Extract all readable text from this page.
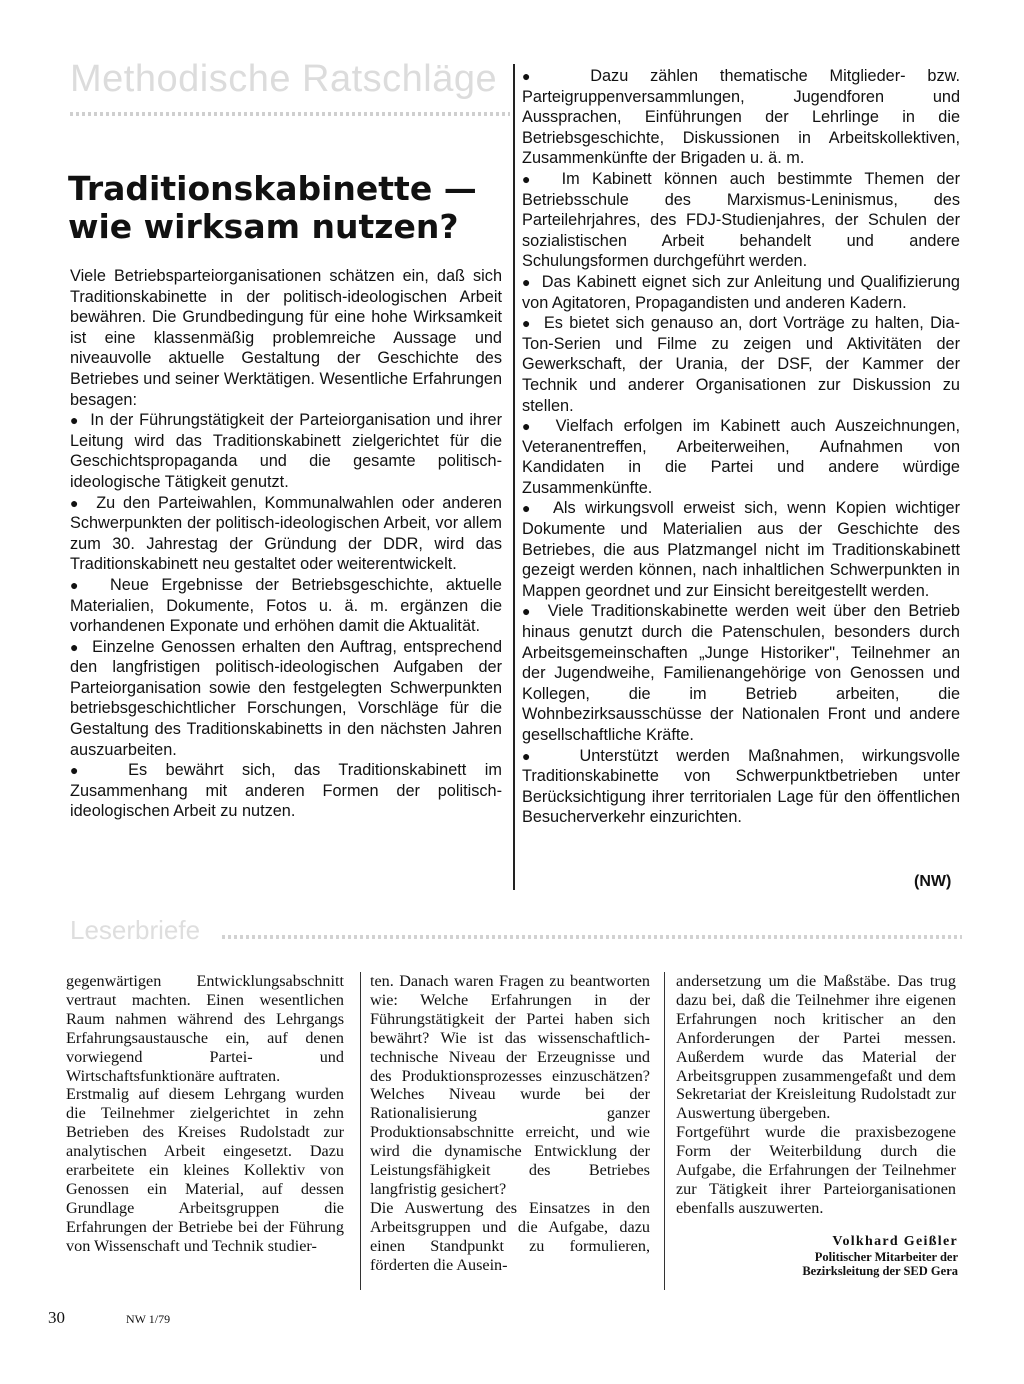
Methodische Ratschläge
Traditionskabinette —
wie wirksam nutzen?

Viele Betriebsparteiorganisationen schätzen ein, daß sich Traditionskabinette in der politisch-ideologischen Arbeit bewähren. Die Grundbedingung für eine hohe Wirksamkeit ist eine klassenmäßig problemreiche Aussage und niveauvolle aktuelle Gestaltung der Geschichte des Betriebes und seiner Werktätigen. Wesentliche Erfahrungen besagen:

●  In der Führungstätigkeit der Parteiorganisation und ihrer Leitung wird das Traditionskabinett zielgerichtet für die Geschichtspropaganda und die gesamte politisch-ideologische Tätigkeit genutzt.

●  Zu den Parteiwahlen, Kommunalwahlen oder anderen Schwerpunkten der politisch-ideologischen Arbeit, vor allem zum 30. Jahrestag der Gründung der DDR, wird das Traditionskabinett neu gestaltet oder weiterentwickelt.

●  Neue Ergebnisse der Betriebsgeschichte, aktuelle Materialien, Dokumente, Fotos u. ä. m. ergänzen die vorhandenen Exponate und erhöhen damit die Aktualität.

●  Einzelne Genossen erhalten den Auftrag, entsprechend den langfristigen politisch-ideologischen Aufgaben der Parteiorganisation sowie den festgelegten Schwerpunkten betriebsgeschichtlicher Forschungen, Vorschläge für die Gestaltung des Traditionskabinetts in den nächsten Jahren auszuarbeiten.

●  Es bewährt sich, das Traditionskabinett im Zusammenhang mit anderen Formen der politisch-ideologischen Arbeit zu nutzen.

●  Dazu zählen thematische Mitglieder- bzw. Parteigruppenversammlungen, Jugendforen und Aussprachen, Einführungen der Lehrlinge in die Betriebsgeschichte, Diskussionen in Arbeitskollektiven, Zusammenkünfte der Brigaden u. ä. m.

●  Im Kabinett können auch bestimmte Themen der Betriebsschule des Marxismus-Leninismus, des Parteilehrjahres, des FDJ-Studienjahres, der Schulen der sozialistischen Arbeit behandelt und andere Schulungsformen durchgeführt werden.

●  Das Kabinett eignet sich zur Anleitung und Qualifizierung von Agitatoren, Propagandisten und anderen Kadern.

●  Es bietet sich genauso an, dort Vorträge zu halten, Dia-Ton-Serien und Filme zu zeigen und Aktivitäten der Gewerkschaft, der Urania, der DSF, der Kammer der Technik und anderer Organisationen zur Diskussion zu stellen.

●  Vielfach erfolgen im Kabinett auch Auszeichnungen, Veteranentreffen, Arbeiterweihen, Aufnahmen von Kandidaten in die Partei und andere würdige Zusammenkünfte.

●  Als wirkungsvoll erweist sich, wenn Kopien wichtiger Dokumente und Materialien aus der Geschichte des Betriebes, die aus Platzmangel nicht im Traditionskabinett gezeigt werden können, nach inhaltlichen Schwerpunkten in Mappen geordnet und zur Einsicht bereitgestellt werden.

●  Viele Traditionskabinette werden weit über den Betrieb hinaus genutzt durch die Patenschulen, besonders durch Arbeitsgemeinschaften „Junge Historiker", Teilnehmer an der Jugendweihe, Familienangehörige von Genossen und Kollegen, die im Betrieb arbeiten, die Wohnbezirksausschüsse der Nationalen Front und andere gesellschaftliche Kräfte.

●  Unterstützt werden Maßnahmen, wirkungsvolle Traditionskabinette von Schwerpunktbetrieben unter Berücksichtigung ihrer territorialen Lage für den öffentlichen Besucherverkehr einzurichten.

(NW)
Leserbriefe
gegenwärtigen Entwicklungsabschnitt vertraut machten. Einen wesentlichen Raum nahmen während des Lehrgangs Erfahrungsaustausche ein, auf denen vorwiegend Partei- und Wirtschaftsfunktionäre auftraten.
Erstmalig auf diesem Lehrgang wurden die Teilnehmer zielgerichtet in zehn Betrieben des Kreises Rudolstadt zur analytischen Arbeit eingesetzt. Dazu erarbeitete ein kleines Kollektiv von Genossen ein Material, auf dessen Grundlage Arbeitsgruppen die Erfahrungen der Betriebe bei der Führung von Wissenschaft und Technik studier-
ten. Danach waren Fragen zu beantworten wie: Welche Erfahrungen in der Führungstätigkeit der Partei haben sich bewährt? Wie ist das wissenschaftlich-technische Niveau der Erzeugnisse und des Produktionsprozesses einzuschätzen? Welches Niveau wurde bei der Rationalisierung ganzer Produktionsabschnitte erreicht, und wie wird die dynamische Entwicklung der Leistungsfähigkeit des Betriebes langfristig gesichert?
Die Auswertung des Einsatzes in den Arbeitsgruppen und die Aufgabe, dazu einen Standpunkt zu formulieren, förderten die Ausein-
andersetzung um die Maßstäbe. Das trug dazu bei, daß die Teilnehmer ihre eigenen Erfahrungen noch kritischer an den Anforderungen der Partei messen. Außerdem wurde das Material der Arbeitsgruppen zusammengefaßt und dem Sekretariat der Kreisleitung Rudolstadt zur Auswertung übergeben.
Fortgeführt wurde die praxisbezogene Form der Weiterbildung durch die Aufgabe, die Erfahrungen der Teilnehmer zur Tätigkeit ihrer Parteiorganisationen ebenfalls auszuwerten.
Volkhard Geißler
Politischer Mitarbeiter der
Bezirksleitung der SED Gera
30	NW 1/79
